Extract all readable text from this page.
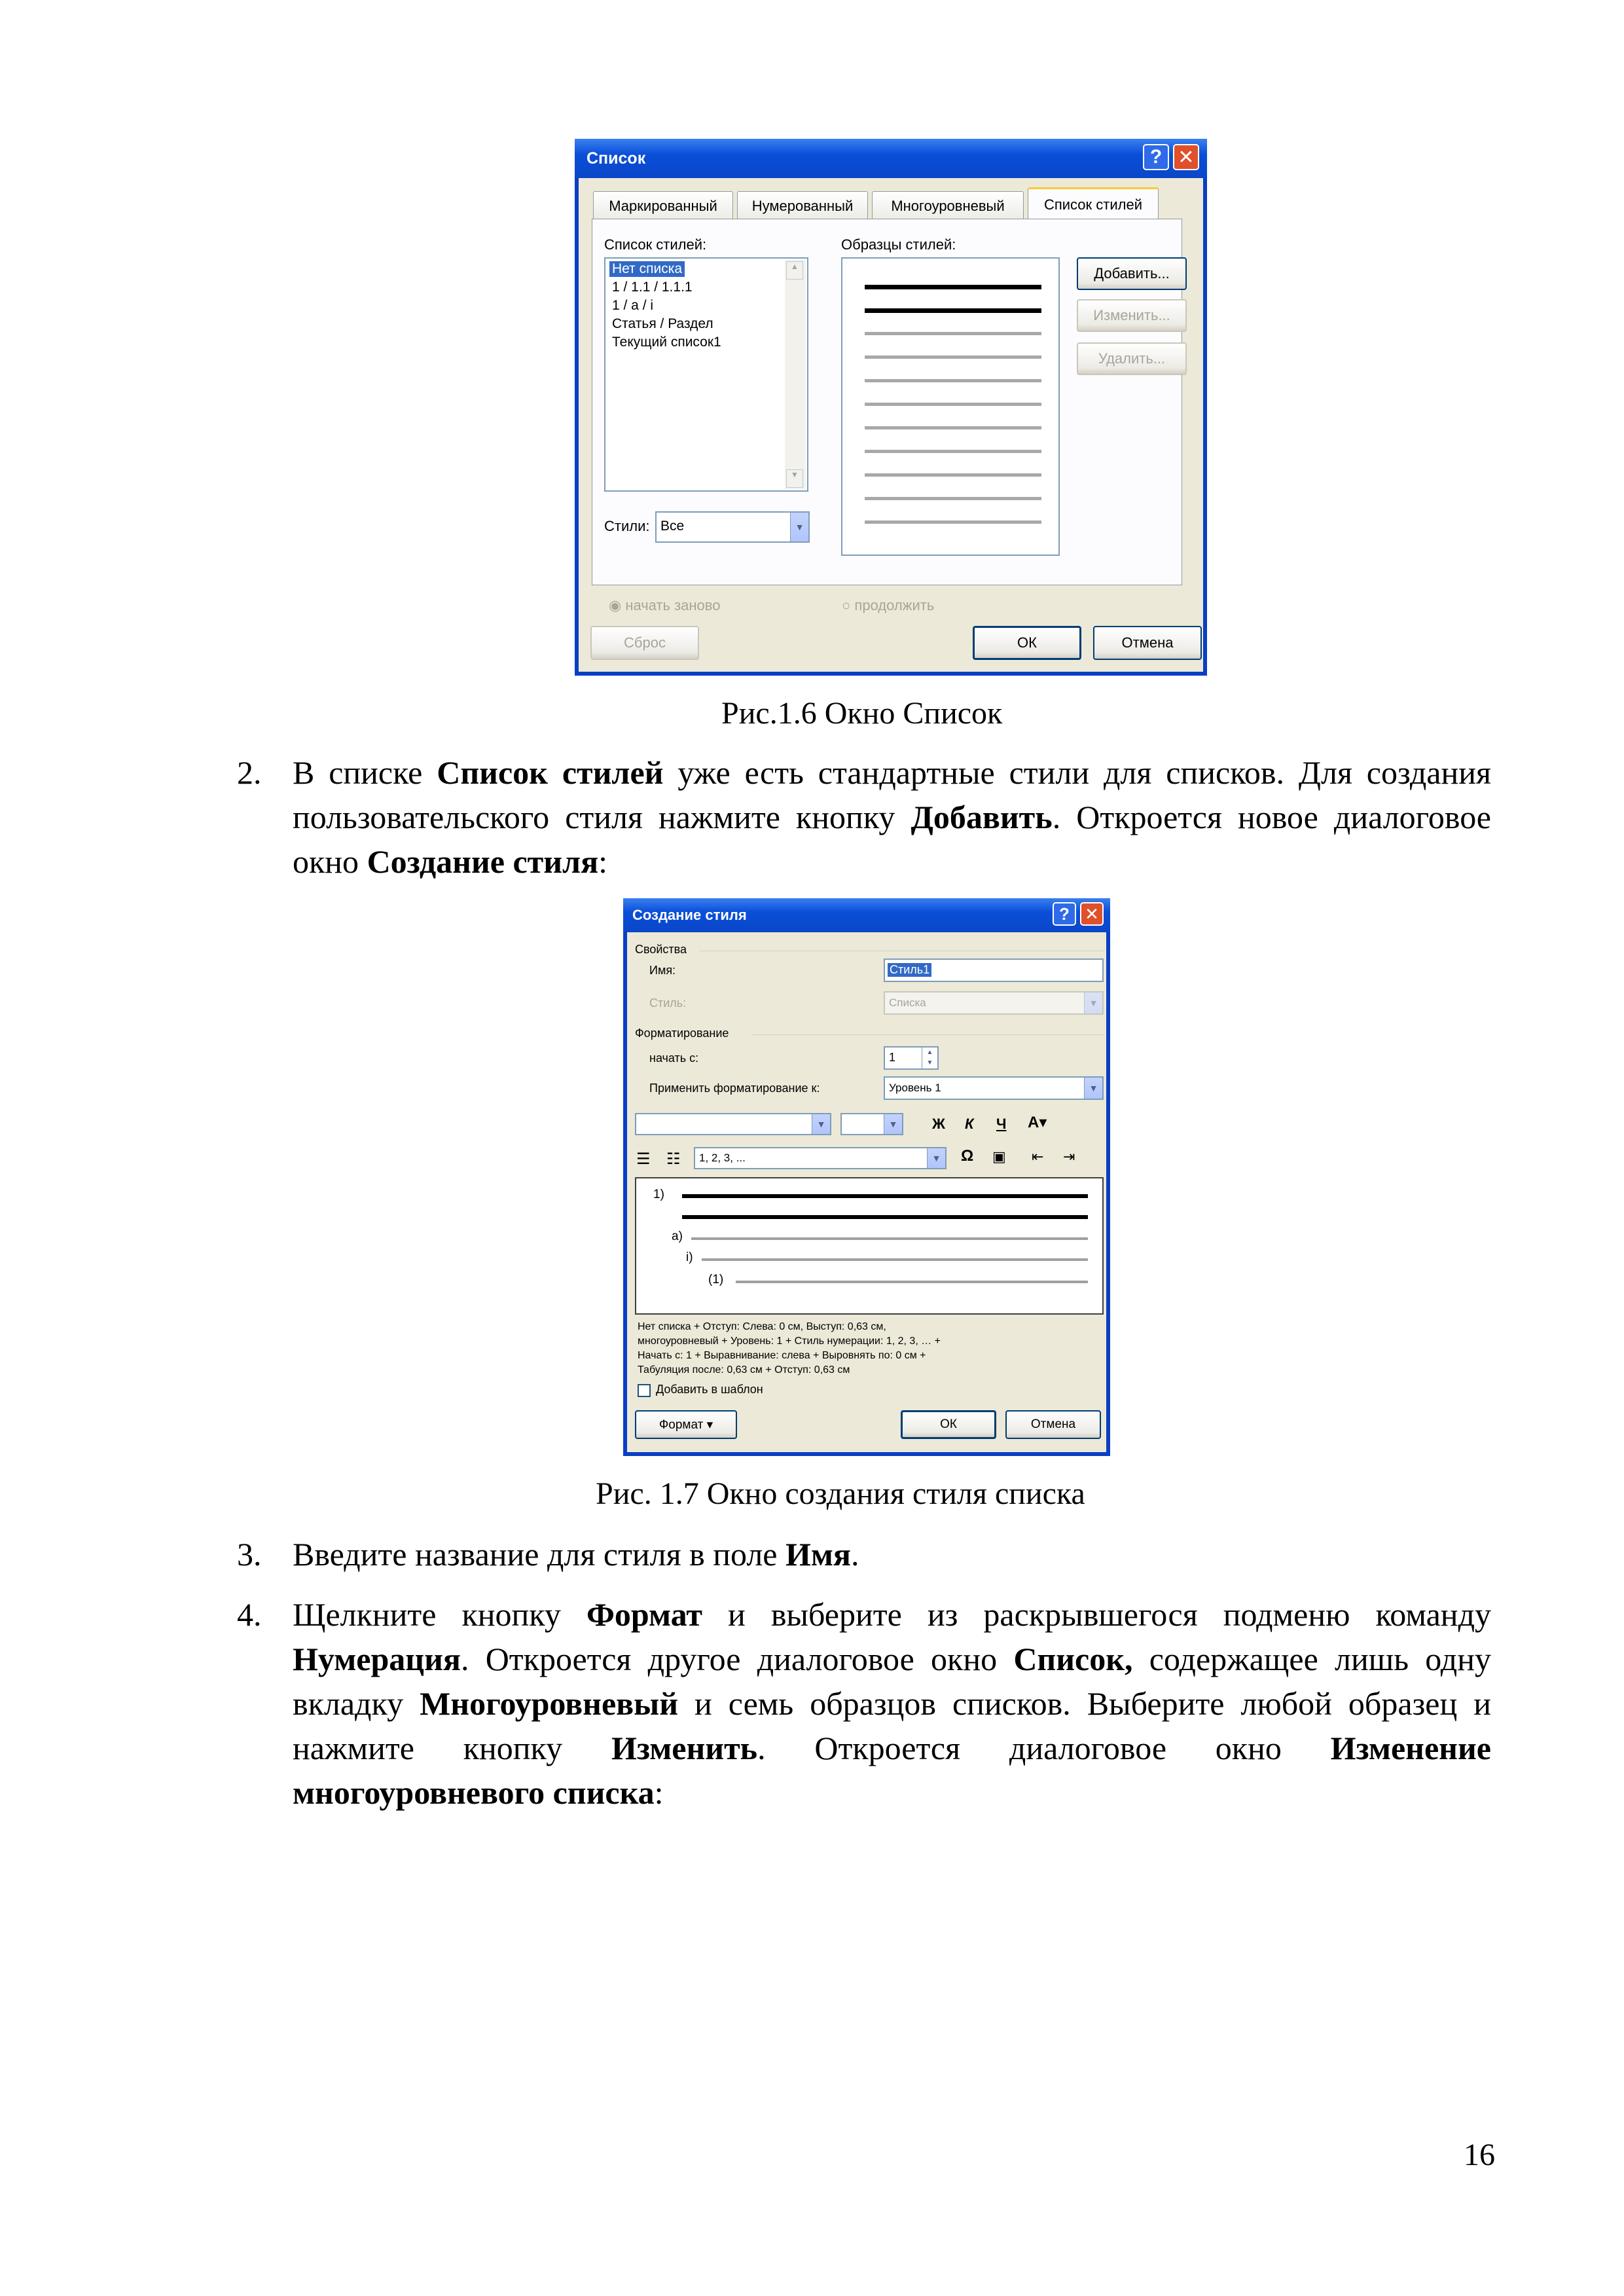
Список	? ✕
Маркированный	Нумерованный	Многоуровневый	Список стилей
Список стилей:	Образцы стилей:
Нет списка
1 / 1.1 / 1.1.1
1 / a / i
Статья / Раздел
Текущий список1
▲
▼
Добавить...
Изменить...
Удалить...
Стили: Все	▼
◉ начать заново	○ продолжить
Сброс	ОК	Отмена
Рис.1.6 Окно Список
2. В списке Список стилей уже есть стандартные стили для списков. Для создания пользовательского стиля нажмите кнопку Добавить. Откроется новое диалоговое окно Создание стиля:
Создание стиля	? ✕
Свойства
Имя:	Стиль1
Стиль:	Списка	▼
Форматирование
начать с:	1	▲
▼
Применить форматирование к:	Уровень 1	▼
▼	▼ Ж К Ч A▾
☰ ☷ 1, 2, 3, ...	▼ Ω ▣ ⇤ ⇥
1)
a)
i)
(1)
Нет списка + Отступ: Слева: 0 см, Выступ: 0,63 см,
многоуровневый + Уровень: 1 + Стиль нумерации: 1, 2, 3, … +
Начать с: 1 + Выравнивание: слева + Выровнять по: 0 см +
Табуляция после: 0,63 см + Отступ: 0,63 см
Добавить в шаблон
Формат ▾	ОК	Отмена
Рис. 1.7 Окно создания стиля списка
3. Введите название для стиля в поле Имя.
4. Щелкните кнопку Формат и выберите из раскрывшегося подменю команду Нумерация. Откроется другое диалоговое окно Список, содержащее лишь одну вкладку Многоуровневый и семь образцов списков. Выберите любой образец и нажмите кнопку Изменить. Откроется диалоговое окно Изменение многоуровневого списка:
16
